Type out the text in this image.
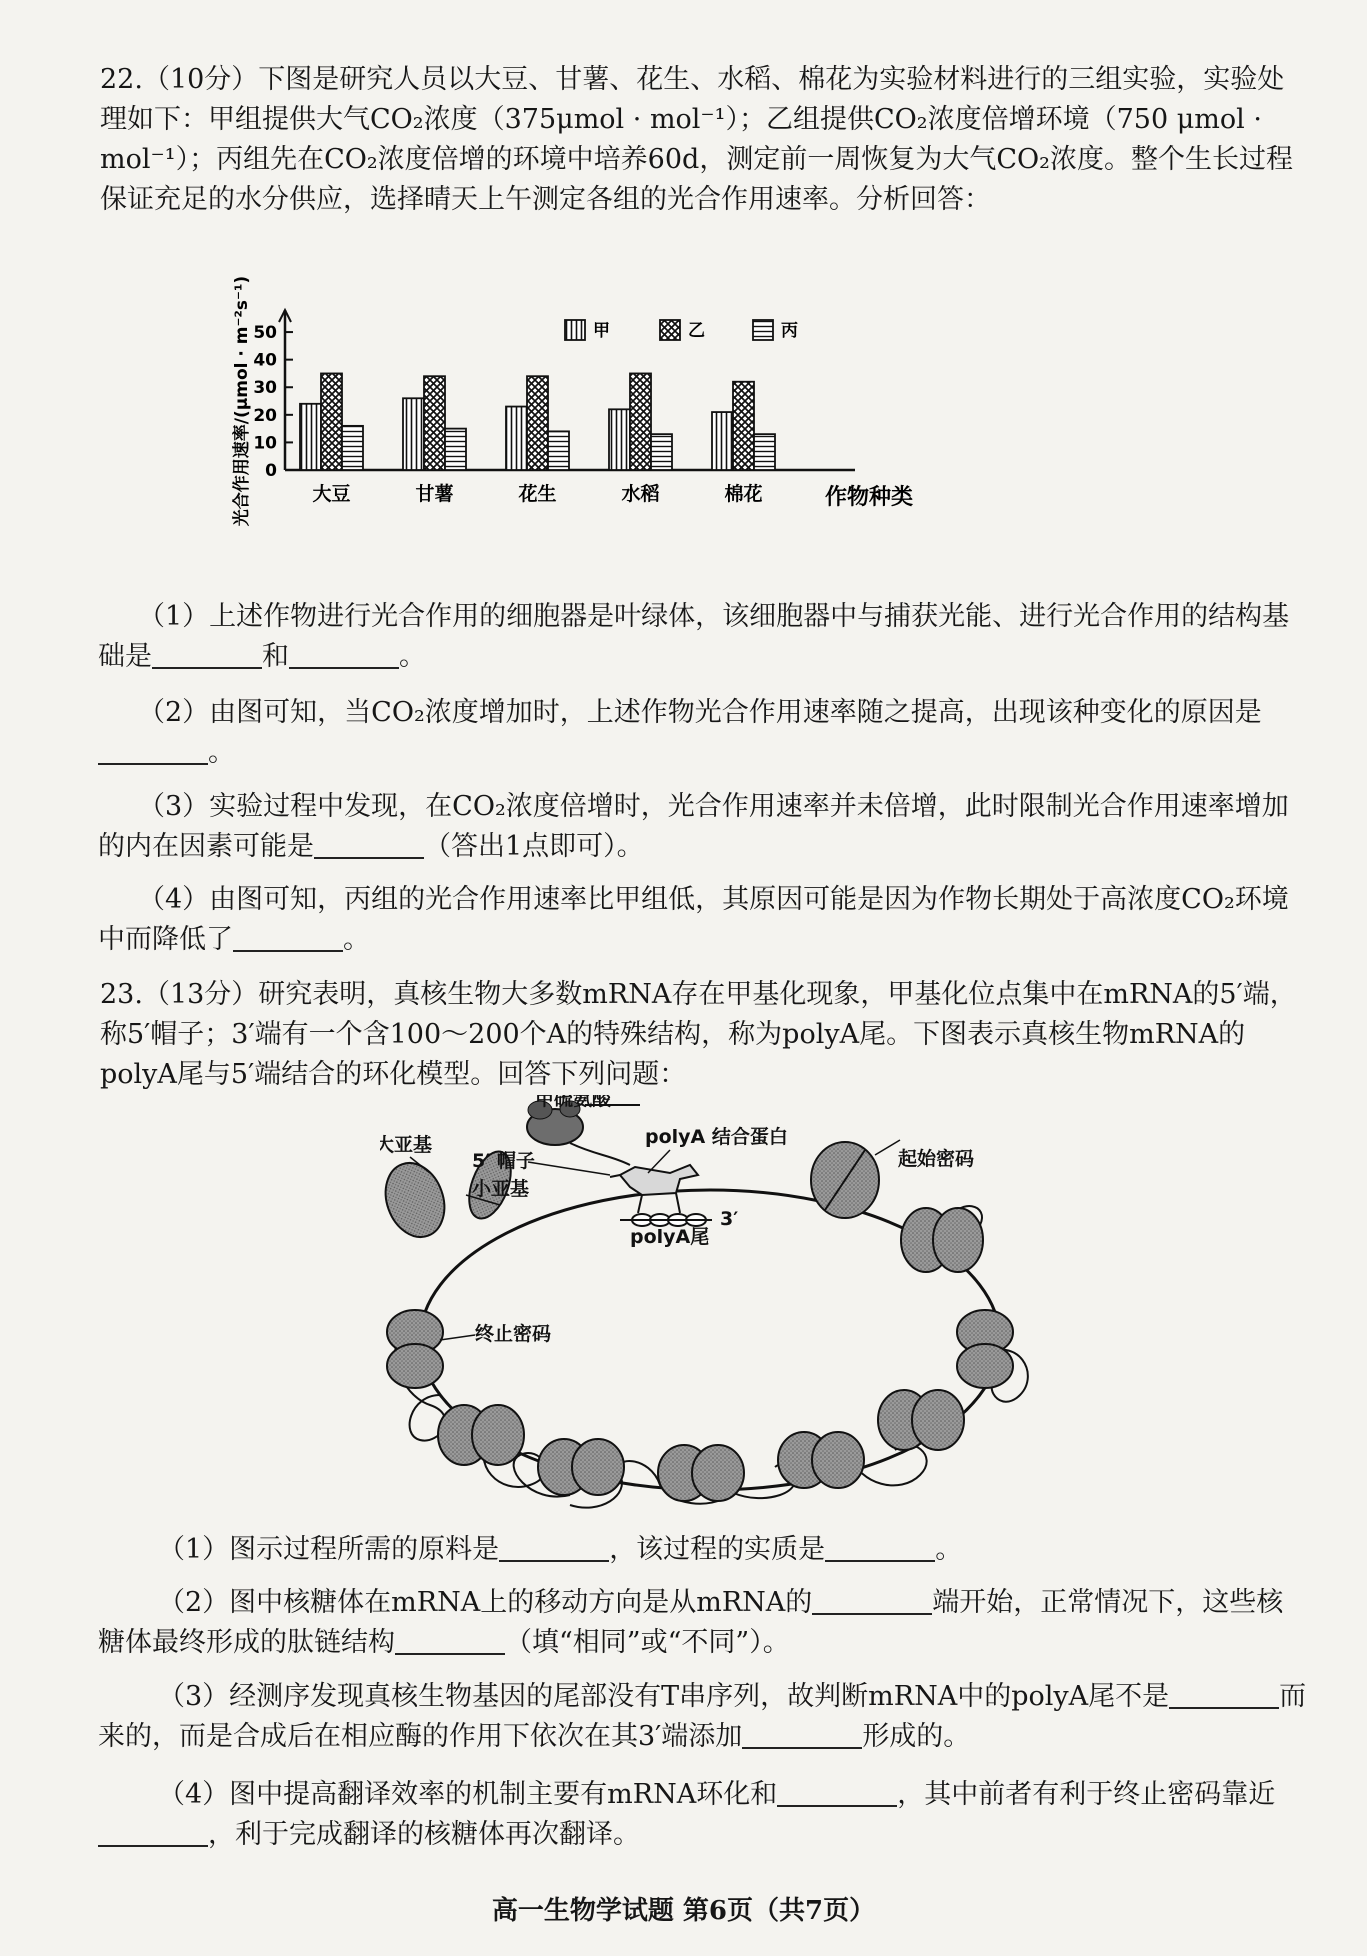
22.（10分）下图是研究人员以大豆、甘薯、花生、水稻、棉花为实验材料进行的三组实验，实验处理如下：甲组提供大气CO₂浓度（375μmol · mol⁻¹）；乙组提供CO₂浓度倍增环境（750 μmol · mol⁻¹）；丙组先在CO₂浓度倍增的环境中培养60d，测定前一周恢复为大气CO₂浓度。整个生长过程保证充足的水分供应，选择晴天上午测定各组的光合作用速率。分析回答：

0
10
20
30
40
50
光合作用速率/(μmol · m⁻²s⁻¹)	作物种类
大豆	甘薯	花生	水稻	棉花
甲	乙	丙

（1）上述作物进行光合作用的细胞器是叶绿体，该细胞器中与捕获光能、进行光合作用的结构基础是	和	。

（2）由图可知，当CO₂浓度增加时，上述作物光合作用速率随之提高，出现该种变化的原因是。

（3）实验过程中发现，在CO₂浓度倍增时，光合作用速率并未倍增，此时限制光合作用速率增加的内在因素可能是	（答出1点即可）。

（4）由图可知，丙组的光合作用速率比甲组低，其原因可能是因为作物长期处于高浓度CO₂环境中而降低了	。

23.（13分）研究表明，真核生物大多数mRNA存在甲基化现象，甲基化位点集中在mRNA的5′端，称5′帽子；3′端有一个含100～200个A的特殊结构，称为polyA尾。下图表示真核生物mRNA的polyA尾与5′端结合的环化模型。回答下列问题：

甲硫氨酸
大亚基
5′ 帽子
小亚基
polyA 结合蛋白
起始密码
3′
polyA尾
终止密码

（1）图示过程所需的原料是	，该过程的实质是	。

（2）图中核糖体在mRNA上的移动方向是从mRNA的	端开始，正常情况下，这些核糖体最终形成的肽链结构	（填“相同”或“不同”）。

（3）经测序发现真核生物基因的尾部没有T串序列，故判断mRNA中的polyA尾不是	而来的，而是合成后在相应酶的作用下依次在其3′端添加	形成的。

（4）图中提高翻译效率的机制主要有mRNA环化和	，其中前者有利于终止密码靠近，利于完成翻译的核糖体再次翻译。

高一生物学试题 第6页（共7页）
